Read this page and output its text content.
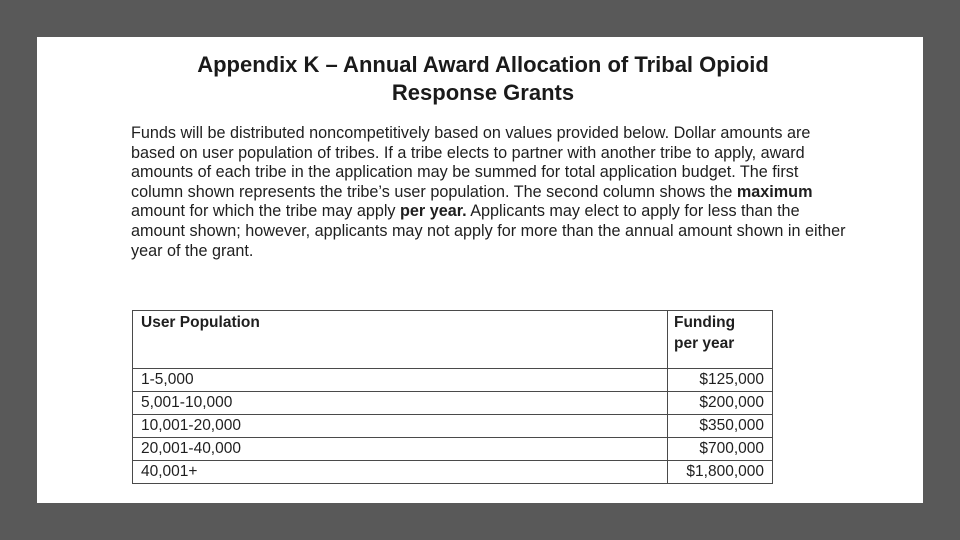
Appendix K – Annual Award Allocation of Tribal Opioid
Response Grants

Funds will be distributed noncompetitively based on values provided below. Dollar amounts are based on user population of tribes. If a tribe elects to partner with another tribe to apply, award amounts of each tribe in the application may be summed for total application budget. The first column shown represents the tribe’s user population. The second column shows the maximum amount for which the tribe may apply per year. Applicants may elect to apply for less than the amount shown; however, applicants may not apply for more than the annual amount shown in either year of the grant.

User Population	Funding per year
1-5,000	$125,000
5,001-10,000	$200,000
10,001-20,000	$350,000
20,001-40,000	$700,000
40,001+	$1,800,000
